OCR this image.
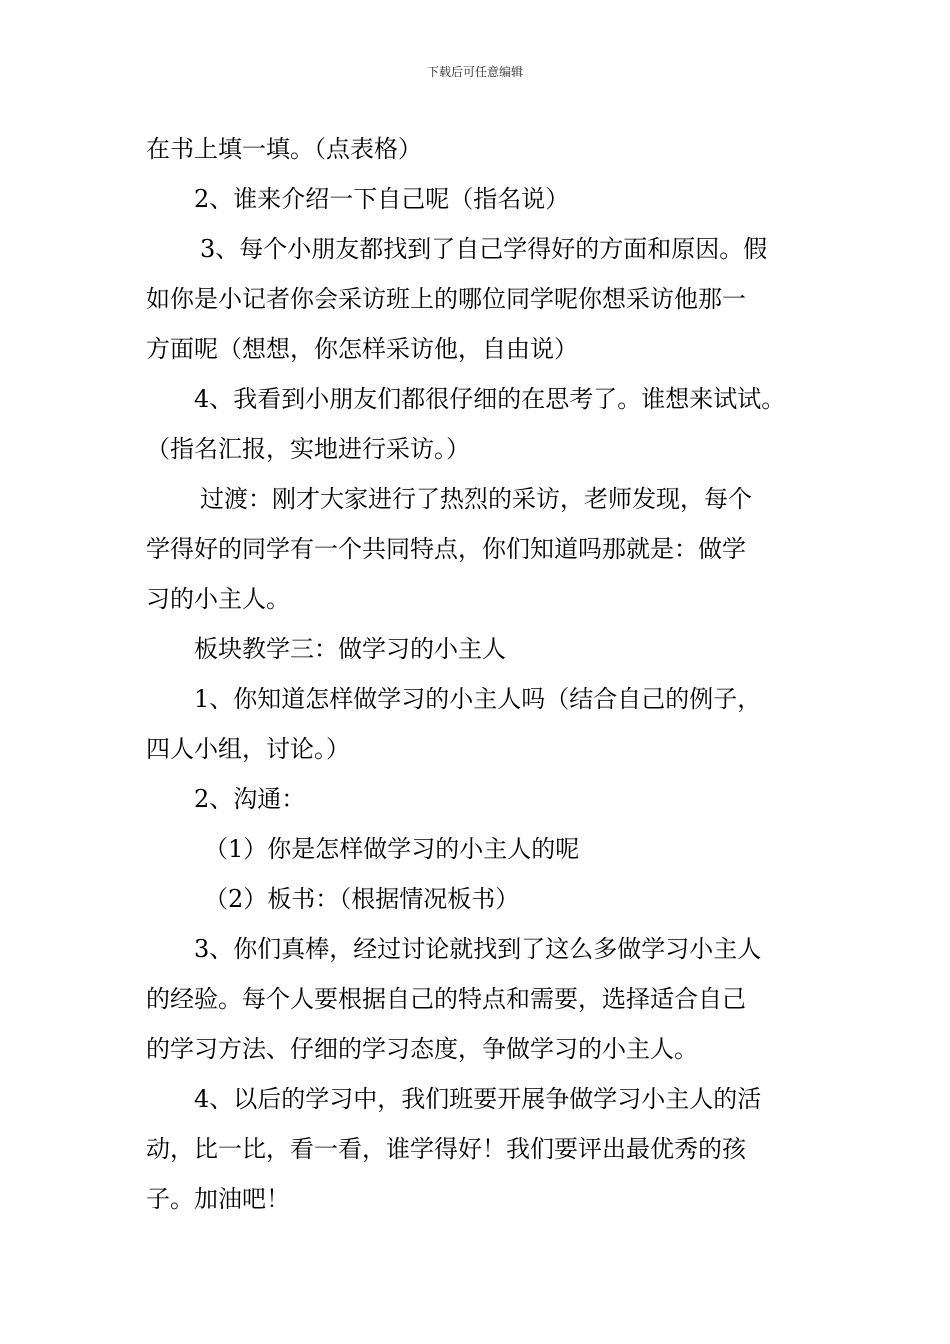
下载后可任意编辑

在书上填一填。（点表格）

2、谁来介绍一下自己呢（指名说）

3、每个小朋友都找到了自己学得好的方面和原因。假
如你是小记者你会采访班上的哪位同学呢你想采访他那一
方面呢（想想，你怎样采访他，自由说）

4、我看到小朋友们都很仔细的在思考了。谁想来试试。
（指名汇报，实地进行采访。）

过渡：刚才大家进行了热烈的采访，老师发现，每个
学得好的同学有一个共同特点，你们知道吗那就是：做学
习的小主人。

板块教学三：做学习的小主人

1、你知道怎样做学习的小主人吗（结合自己的例子，
四人小组，讨论。）

2、沟通：

（1）你是怎样做学习的小主人的呢

（2）板书：（根据情况板书）

3、你们真棒，经过讨论就找到了这么多做学习小主人
的经验。每个人要根据自己的特点和需要，选择适合自己
的学习方法、仔细的学习态度，争做学习的小主人。

4、以后的学习中，我们班要开展争做学习小主人的活
动，比一比，看一看，谁学得好！我们要评出最优秀的孩
子。加油吧！
